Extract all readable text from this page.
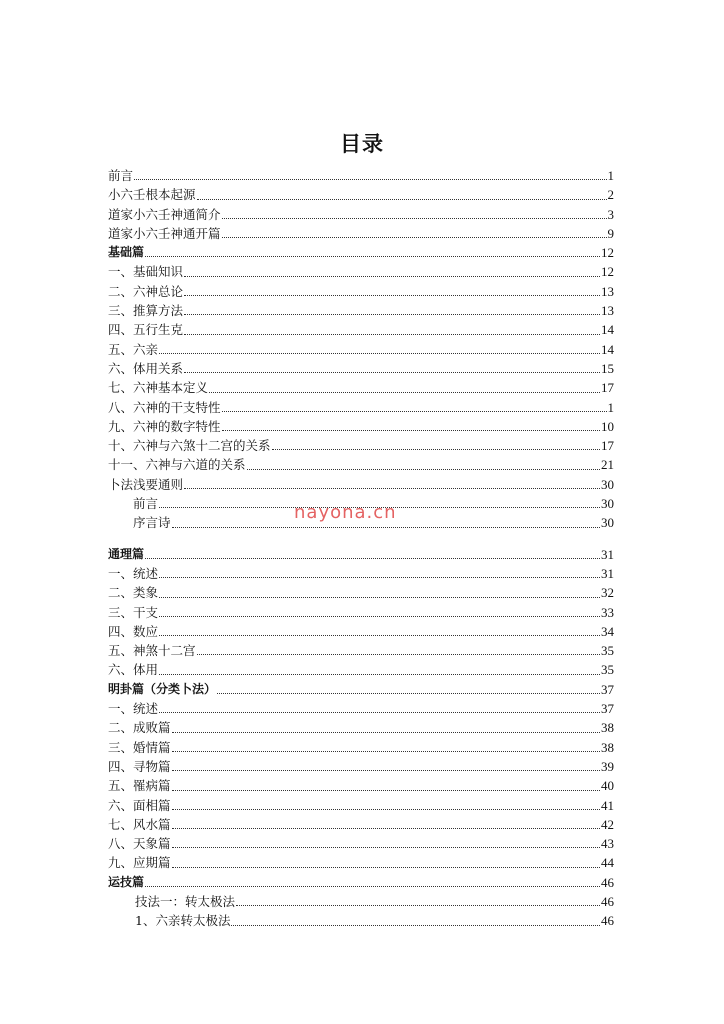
目录
前言	1
小六壬根本起源	2
道家小六壬神通简介	3
道家小六壬神通开篇	9
基础篇	12
一、基础知识	12
二、六神总论	13
三、推算方法	13
四、五行生克	14
五、六亲	14
六、体用关系	15
七、六神基本定义	17
八、六神的干支特性	1
九、六神的数字特性	10
十、六神与六煞十二宫的关系	17
十一、六神与六道的关系	21
卜法浅要通则	30
前言	30
序言诗	30
通理篇	31
一、统述	31
二、类象	32
三、干支	33
四、数应	34
五、神煞十二宫	35
六、体用	35
明卦篇（分类卜法）	37
一、统述	37
二、成败篇	38
三、婚情篇	38
四、寻物篇	39
五、罹病篇	40
六、面相篇	41
七、风水篇	42
八、天象篇	43
九、应期篇	44
运技篇	46
技法一：转太极法	46
1、六亲转太极法	46
nayona.cn
